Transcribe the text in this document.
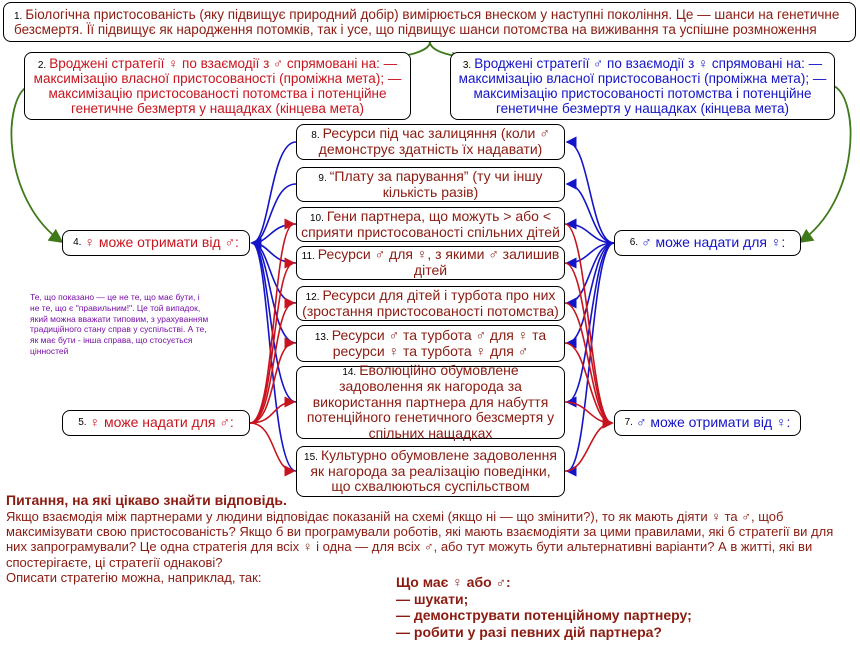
1. Біологічна пристосованість (яку підвищує природний добір) вимірюється внеском у наступні покоління. Це — шанси на генетичне безсмертя. Її підвищує як народження потомків, так і усе, що підвищує шанси потомства на виживання та успішне розмноження
2. Вроджені стратегії ♀ по взаємодії з ♂ спрямовані на: — максимізацію власної пристосованості (проміжна мета); — максимізацію пристосованості потомства і потенційне генетичне безмертя у нащадках (кінцева мета)
3. Вроджені стратегії ♂ по взаємодії з ♀ спрямовані на: — максимізацію власної пристосованості (проміжна мета); — максимізацію пристосованості потомства і потенційне генетичне безмертя у нащадках (кінцева мета)
4. ♀ може отримати від ♂:
5. ♀ може надати для ♂:
6. ♂ може надати для ♀:
7. ♂ може отримати від ♀:
8. Ресурси під час залицяння (коли ♂ демонструє здатність їх надавати)
9. “Плату за парування” (ту чи іншу кількість разів)
10. Гени партнера, що можуть > або < сприяти пристосованості спільних дітей
11. Ресурси ♂ для ♀, з якими ♂ залишив дітей
12. Ресурси для дітей і турбота про них (зростання пристосованості потомства)
13. Ресурси ♂ та турбота ♂ для ♀ та ресурси ♀ та турбота ♀ для ♂
14. Еволюційно обумовлене задоволення як нагорода за використання партнера для набуття потенційного генетичного безсмертя у спільних нащадках
15. Культурно обумовлене задоволення як нагорода за реалізацію поведінки, що схвалюються суспільством
Те, що показано — це не те, що має бути, і не те, що є "правильним!". Це той випадок, який можна вважати типовим, з урахуванням традиційного стану справ у суспільстві. А те, як має бути - інша справа, що стосується цінностей
Питання, на які цікаво знайти відповідь.
Якщо взаємодія між партнерами у людини відповідає показаній на схемі (якщо ні — що змінити?), то як мають діяти ♀ та ♂, щоб максимізувати свою пристосованість? Якщо б ви програмували роботів, які мають взаємодіяти за цими правилами, які б стратегії ви для них запрограмували? Це одна стратегія для всіх ♀ і одна — для всіх ♂, або тут можуть бути альтернативні варіанти? А в житті, які ви спостерігаєте, ці стратегії однакові?
Описати стратегію можна, наприклад, так:	Що має ♀ або ♂:
— шукати;
— демонструвати потенційному партнеру;
— робити у разі певних дій партнера?
